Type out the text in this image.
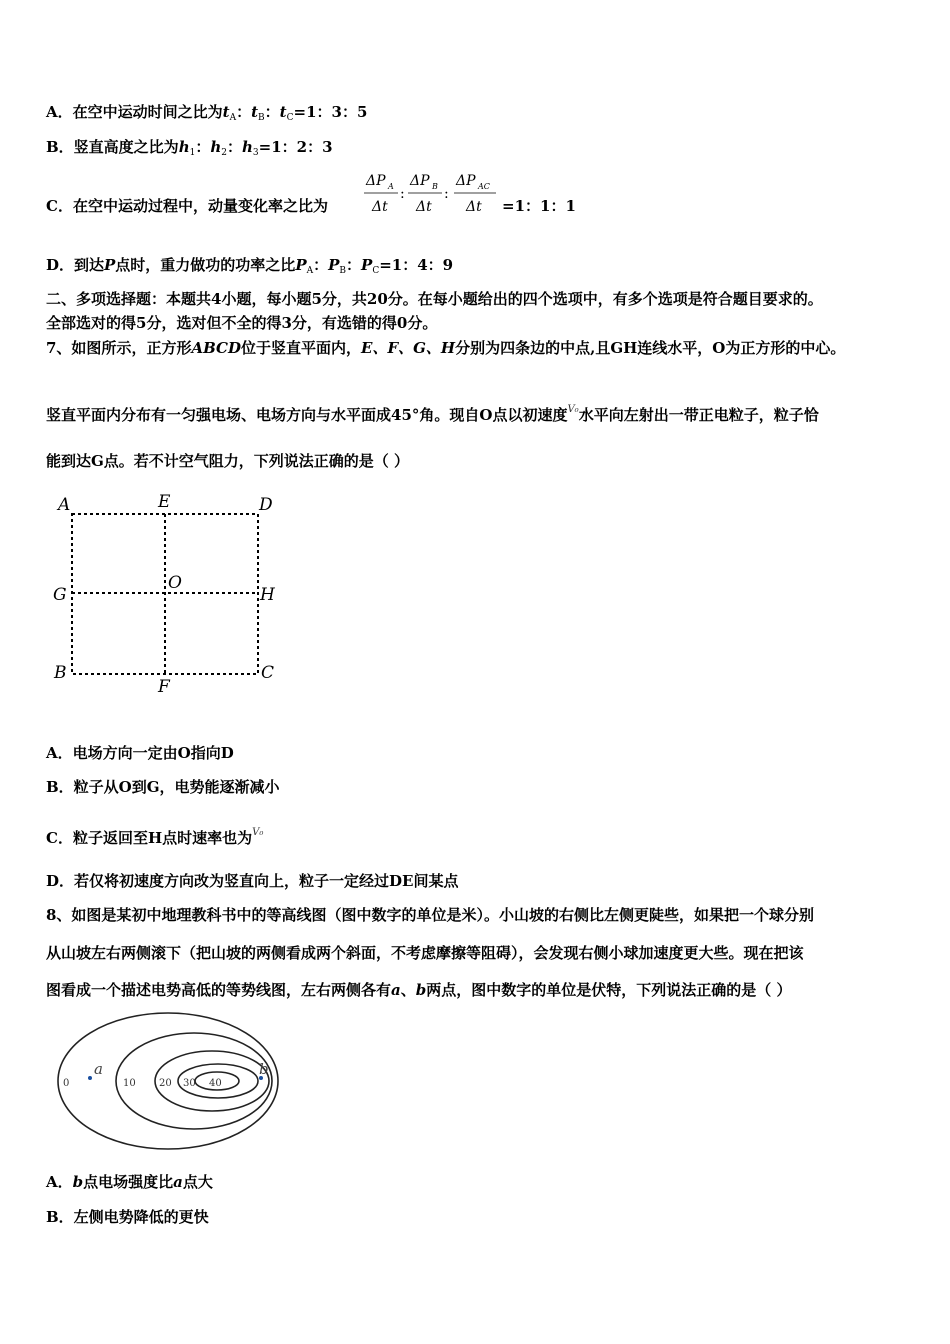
A．在空中运动时间之比为$t_A$：$t_B$：$t_C=1$：3：5
B．竖直高度之比为$h_1$：$h_2$：$h_3=1$：2：3
C．在空中运动过程中，动量变化率之比为
ΔP A
Δt
:
ΔP B
Δt
:
ΔP AC
Δt =1：1：1
D．到达P点时，重力做功的功率之比$P_A$：$P_B$：$P_C=1$：4：9
二、多项选择题：本题共4小题，每小题5分，共20分。在每小题给出的四个选项中，有多个选项是符合题目要求的。
全部选对的得5分，选对但不全的得3分，有选错的得0分。
7、如图所示，正方形ABCD位于竖直平面内，E、F、G、H分别为四条边的中点,且GH连线水平，O为正方形的中心。
竖直平面内分布有一匀强电场、电场方向与水平面成45°角。现自O点以初速度$^{V_0}$水平向左射出一带正电粒子，粒子恰
能到达G点。若不计空气阻力，下列说法正确的是（ ）
A	E	D
G
O
H
B
F
C
A．电场方向一定由O指向D
B．粒子从O到G，电势能逐渐减小
C．粒子返回至H点时速率也为$^{V_0}$
D．若仅将初速度方向改为竖直向上，粒子一定经过DE间某点
8、如图是某初中地理教科书中的等高线图（图中数字的单位是米）。小山坡的右侧比左侧更陡些，如果把一个球分别
从山坡左右两侧滚下（把山坡的两侧看成两个斜面，不考虑摩擦等阻碍），会发现右侧小球加速度更大些。现在把该
图看成一个描述电势高低的等势线图，左右两侧各有a、b两点，图中数字的单位是伏特，下列说法正确的是（ ）
0	10 20 30 40
a	b
A．b点电场强度比a点大
B．左侧电势降低的更快
